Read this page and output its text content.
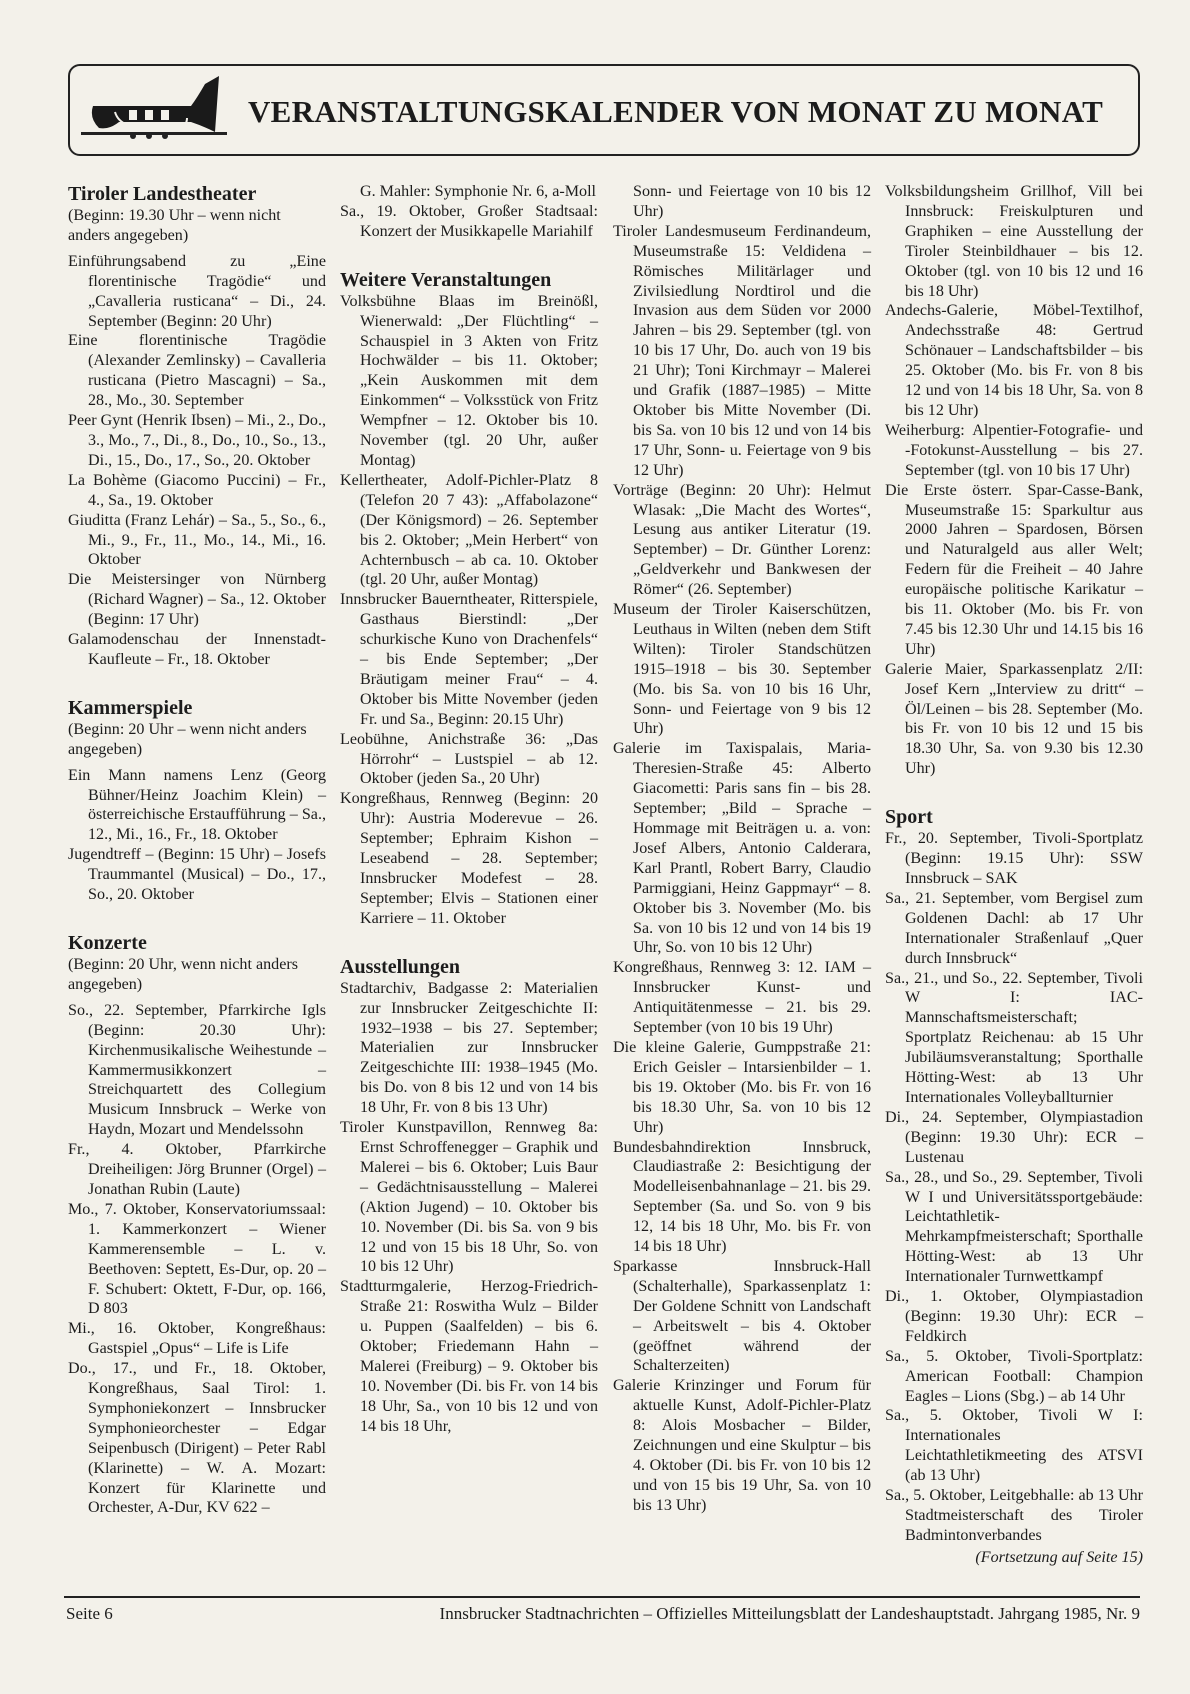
VERANSTALTUNGSKALENDER VON MONAT ZU MONAT
Tiroler Landestheater

(Beginn: 19.30 Uhr – wenn nicht anders angegeben)

Einführungsabend zu „Eine florentinische Tragödie“ und „Cavalleria rusticana“ – Di., 24. September (Beginn: 20 Uhr)

Eine florentinische Tragödie (Alexander Zemlinsky) – Cavalleria rusticana (Pietro Mascagni) – Sa., 28., Mo., 30. September

Peer Gynt (Henrik Ibsen) – Mi., 2., Do., 3., Mo., 7., Di., 8., Do., 10., So., 13., Di., 15., Do., 17., So., 20. Oktober

La Bohème (Giacomo Puccini) – Fr., 4., Sa., 19. Oktober

Giuditta (Franz Lehár) – Sa., 5., So., 6., Mi., 9., Fr., 11., Mo., 14., Mi., 16. Oktober

Die Meistersinger von Nürnberg (Richard Wagner) – Sa., 12. Oktober (Beginn: 17 Uhr)

Galamodenschau der Innenstadt-Kaufleute – Fr., 18. Oktober

Kammerspiele

(Beginn: 20 Uhr – wenn nicht anders angegeben)

Ein Mann namens Lenz (Georg Bühner/Heinz Joachim Klein) – österreichische Erstaufführung – Sa., 12., Mi., 16., Fr., 18. Oktober

Jugendtreff – (Beginn: 15 Uhr) – Josefs Traummantel (Musical) – Do., 17., So., 20. Oktober

Konzerte

(Beginn: 20 Uhr, wenn nicht anders angegeben)

So., 22. September, Pfarrkirche Igls (Beginn: 20.30 Uhr): Kirchenmusikalische Weihestunde – Kammermusikkonzert – Streichquartett des Collegium Musicum Innsbruck – Werke von Haydn, Mozart und Mendelssohn

Fr., 4. Oktober, Pfarrkirche Dreiheiligen: Jörg Brunner (Orgel) – Jonathan Rubin (Laute)

Mo., 7. Oktober, Konservatoriumssaal: 1. Kammerkonzert – Wiener Kammerensemble – L. v. Beethoven: Septett, Es-Dur, op. 20 – F. Schubert: Oktett, F-Dur, op. 166, D 803

Mi., 16. Oktober, Kongreßhaus: Gastspiel „Opus“ – Life is Life

Do., 17., und Fr., 18. Oktober, Kongreßhaus, Saal Tirol: 1. Symphoniekonzert – Innsbrucker Symphonieorchester – Edgar Seipenbusch (Dirigent) – Peter Rabl (Klarinette) – W. A. Mozart: Konzert für Klarinette und Orchester, A-Dur, KV 622 –

G. Mahler: Symphonie Nr. 6, a-Moll

Sa., 19. Oktober, Großer Stadtsaal: Konzert der Musikkapelle Mariahilf

Weitere Veranstaltungen

Volksbühne Blaas im Breinößl, Wienerwald: „Der Flüchtling“ – Schauspiel in 3 Akten von Fritz Hochwälder – bis 11. Oktober; „Kein Auskommen mit dem Einkommen“ – Volksstück von Fritz Wempfner – 12. Oktober bis 10. November (tgl. 20 Uhr, außer Montag)

Kellertheater, Adolf-Pichler-Platz 8 (Telefon 20 7 43): „Affabolazone“ (Der Königsmord) – 26. September bis 2. Oktober; „Mein Herbert“ von Achternbusch – ab ca. 10. Oktober (tgl. 20 Uhr, außer Montag)

Innsbrucker Bauerntheater, Ritterspiele, Gasthaus Bierstindl: „Der schurkische Kuno von Drachenfels“ – bis Ende September; „Der Bräutigam meiner Frau“ – 4. Oktober bis Mitte November (jeden Fr. und Sa., Beginn: 20.15 Uhr)

Leobühne, Anichstraße 36: „Das Hörrohr“ – Lustspiel – ab 12. Oktober (jeden Sa., 20 Uhr)

Kongreßhaus, Rennweg (Beginn: 20 Uhr): Austria Moderevue – 26. September; Ephraim Kishon – Leseabend – 28. September; Innsbrucker Modefest – 28. September; Elvis – Stationen einer Karriere – 11. Oktober

Ausstellungen

Stadtarchiv, Badgasse 2: Materialien zur Innsbrucker Zeitgeschichte II: 1932–1938 – bis 27. September; Materialien zur Innsbrucker Zeitgeschichte III: 1938–1945 (Mo. bis Do. von 8 bis 12 und von 14 bis 18 Uhr, Fr. von 8 bis 13 Uhr)

Tiroler Kunstpavillon, Rennweg 8a: Ernst Schroffenegger – Graphik und Malerei – bis 6. Oktober; Luis Baur – Gedächtnisausstellung – Malerei (Aktion Jugend) – 10. Oktober bis 10. November (Di. bis Sa. von 9 bis 12 und von 15 bis 18 Uhr, So. von 10 bis 12 Uhr)

Stadtturmgalerie, Herzog-Friedrich-Straße 21: Roswitha Wulz – Bilder u. Puppen (Saalfelden) – bis 6. Oktober; Friedemann Hahn – Malerei (Freiburg) – 9. Oktober bis 10. November (Di. bis Fr. von 14 bis 18 Uhr, Sa., von 10 bis 12 und von 14 bis 18 Uhr,

Sonn- und Feiertage von 10 bis 12 Uhr)

Tiroler Landesmuseum Ferdinandeum, Museumstraße 15: Veldidena – Römisches Militärlager und Zivilsiedlung Nordtirol und die Invasion aus dem Süden vor 2000 Jahren – bis 29. September (tgl. von 10 bis 17 Uhr, Do. auch von 19 bis 21 Uhr); Toni Kirchmayr – Malerei und Grafik (1887–1985) – Mitte Oktober bis Mitte November (Di. bis Sa. von 10 bis 12 und von 14 bis 17 Uhr, Sonn- u. Feiertage von 9 bis 12 Uhr)

Vorträge (Beginn: 20 Uhr): Helmut Wlasak: „Die Macht des Wortes“, Lesung aus antiker Literatur (19. September) – Dr. Günther Lorenz: „Geldverkehr und Bankwesen der Römer“ (26. September)

Museum der Tiroler Kaiserschützen, Leuthaus in Wilten (neben dem Stift Wilten): Tiroler Standschützen 1915–1918 – bis 30. September (Mo. bis Sa. von 10 bis 16 Uhr, Sonn- und Feiertage von 9 bis 12 Uhr)

Galerie im Taxispalais, Maria-Theresien-Straße 45: Alberto Giacometti: Paris sans fin – bis 28. September; „Bild – Sprache – Hommage mit Beiträgen u. a. von: Josef Albers, Antonio Calderara, Karl Prantl, Robert Barry, Claudio Parmiggiani, Heinz Gappmayr“ – 8. Oktober bis 3. November (Mo. bis Sa. von 10 bis 12 und von 14 bis 19 Uhr, So. von 10 bis 12 Uhr)

Kongreßhaus, Rennweg 3: 12. IAM – Innsbrucker Kunst- und Antiquitätenmesse – 21. bis 29. September (von 10 bis 19 Uhr)

Die kleine Galerie, Gumppstraße 21: Erich Geisler – Intarsienbilder – 1. bis 19. Oktober (Mo. bis Fr. von 16 bis 18.30 Uhr, Sa. von 10 bis 12 Uhr)

Bundesbahndirektion Innsbruck, Claudiastraße 2: Besichtigung der Modelleisenbahnanlage – 21. bis 29. September (Sa. und So. von 9 bis 12, 14 bis 18 Uhr, Mo. bis Fr. von 14 bis 18 Uhr)

Sparkasse Innsbruck-Hall (Schalterhalle), Sparkassenplatz 1: Der Goldene Schnitt von Landschaft – Arbeitswelt – bis 4. Oktober (geöffnet während der Schalterzeiten)

Galerie Krinzinger und Forum für aktuelle Kunst, Adolf-Pichler-Platz 8: Alois Mosbacher – Bilder, Zeichnungen und eine Skulptur – bis 4. Oktober (Di. bis Fr. von 10 bis 12 und von 15 bis 19 Uhr, Sa. von 10 bis 13 Uhr)

Volksbildungsheim Grillhof, Vill bei Innsbruck: Freiskulpturen und Graphiken – eine Ausstellung der Tiroler Steinbildhauer – bis 12. Oktober (tgl. von 10 bis 12 und 16 bis 18 Uhr)

Andechs-Galerie, Möbel-Textilhof, Andechsstraße 48: Gertrud Schönauer – Landschaftsbilder – bis 25. Oktober (Mo. bis Fr. von 8 bis 12 und von 14 bis 18 Uhr, Sa. von 8 bis 12 Uhr)

Weiherburg: Alpentier-Fotografie- und -Fotokunst-Ausstellung – bis 27. September (tgl. von 10 bis 17 Uhr)

Die Erste österr. Spar-Casse-Bank, Museumstraße 15: Sparkultur aus 2000 Jahren – Spardosen, Börsen und Naturalgeld aus aller Welt; Federn für die Freiheit – 40 Jahre europäische politische Karikatur – bis 11. Oktober (Mo. bis Fr. von 7.45 bis 12.30 Uhr und 14.15 bis 16 Uhr)

Galerie Maier, Sparkassenplatz 2/II: Josef Kern „Interview zu dritt“ – Öl/Leinen – bis 28. September (Mo. bis Fr. von 10 bis 12 und 15 bis 18.30 Uhr, Sa. von 9.30 bis 12.30 Uhr)

Sport

Fr., 20. September, Tivoli-Sportplatz (Beginn: 19.15 Uhr): SSW Innsbruck – SAK

Sa., 21. September, vom Bergisel zum Goldenen Dachl: ab 17 Uhr Internationaler Straßenlauf „Quer durch Innsbruck“

Sa., 21., und So., 22. September, Tivoli W I: IAC-Mannschaftsmeisterschaft; Sportplatz Reichenau: ab 15 Uhr Jubiläumsveranstaltung; Sporthalle Hötting-West: ab 13 Uhr Internationales Volleyballturnier

Di., 24. September, Olympiastadion (Beginn: 19.30 Uhr): ECR – Lustenau

Sa., 28., und So., 29. September, Tivoli W I und Universitätssportgebäude: Leichtathletik-Mehrkampfmeisterschaft; Sporthalle Hötting-West: ab 13 Uhr Internationaler Turnwettkampf

Di., 1. Oktober, Olympiastadion (Beginn: 19.30 Uhr): ECR – Feldkirch

Sa., 5. Oktober, Tivoli-Sportplatz: American Football: Champion Eagles – Lions (Sbg.) – ab 14 Uhr

Sa., 5. Oktober, Tivoli W I: Internationales Leichtathletikmeeting des ATSVI (ab 13 Uhr)

Sa., 5. Oktober, Leitgebhalle: ab 13 Uhr Stadtmeisterschaft des Tiroler Badmintonverbandes

(Fortsetzung auf Seite 15)

Seite 6	Innsbrucker Stadtnachrichten – Offizielles Mitteilungsblatt der Landeshauptstadt. Jahrgang 1985, Nr. 9
